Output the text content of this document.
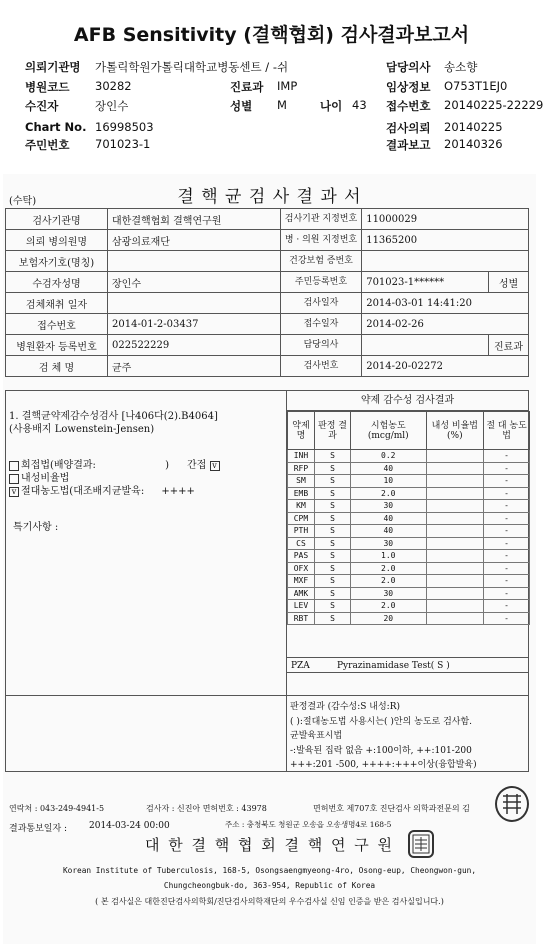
AFB Sensitivity (결핵협회) 검사결과보고서
의뢰기관명 가톨릭학원가톨릭대학교병동센트 / -쉬	담당의사 송소향
병원코드 30282	진료과 IMP	임상정보 O753T1EJ0
수진자	장인수	성별 M	나이 43 접수번호 20140225-22229
Chart No. 16998503	검사의뢰 20140225
주민번호 701023-1	결과보고 20140326
(수탁)	결 핵 균 검 사 결 과 서
검사기관명	대한결핵협회 결핵연구원	검사기관 지정번호	11000029	
의뢰 병의원명	삼광의료재단	병 · 의원 지정번호	11365200	
보험자기호(명칭)		건강보험 증번호		
수검자성명	장인수	주민등록번호	701023-1******	성별
검체채취 일자		검사일자	2014-03-01 14:41:20	
접수번호	2014-01-2-03437	접수일자	2014-02-26	
병원환자 등록번호	022522229	담당의사		진료과
검 체 명	균주	검사번호	2014-20-02272	
1. 결핵균약제감수성검사 [나406다(2).B4064]
(사용배지 Lowenstein-Jensen)
희접법(배양결과:	) 간접 v
내성비율법
v 절대농도법(대조배지균발육: ++++
특기사항 :
약제 감수성 검사결과
약제명	판정 결과	시험농도 (mcg/ml)	내성 비율법(%)	절 대 농도법
INH	S	0.2		-
RFP	S	40		-
SM	S	10		-
EMB	S	2.0		-
KM	S	30		-
CPM	S	40		-
PTH	S	40		-
CS	S	30		-
PAS	S	1.0		-
OFX	S	2.0		-
MXF	S	2.0		-
AMK	S	30		-
LEV	S	2.0		-
RBT	S	20		-
PZA	Pyrazinamidase Test( S )
판정결과 (감수성:S 내성:R)
( ):절대농도법 사용시는( )안의 농도로 검사함.
균발육표시법
-:발육된 집락 없음 +:100이하, ++:101-200
+++:201 -500, ++++:+++이상(융합발육)
연락처 : 043-249-4941-5	검사자 : 신진아 면허번호 : 43978	면허번호 제707호 진단검사 의학과전문의 김
결과통보일자 : 2014-03-24 00:00	주소 : 충청북도 청원군 오송읍 오송생명4로 168-5
대 한 결 핵 협 회 결 핵 연 구 원
Korean Institute of Tuberculosis, 168-5, Osongsaengmyeong-4ro, Osong-eup, Cheongwon-gun,
Chungcheongbuk-do, 363-954, Republic of Korea
( 본 검사실은 대한진단검사의학회/진단검사의학재단의 우수검사실 신임 인증을 받은 검사실입니다.)
